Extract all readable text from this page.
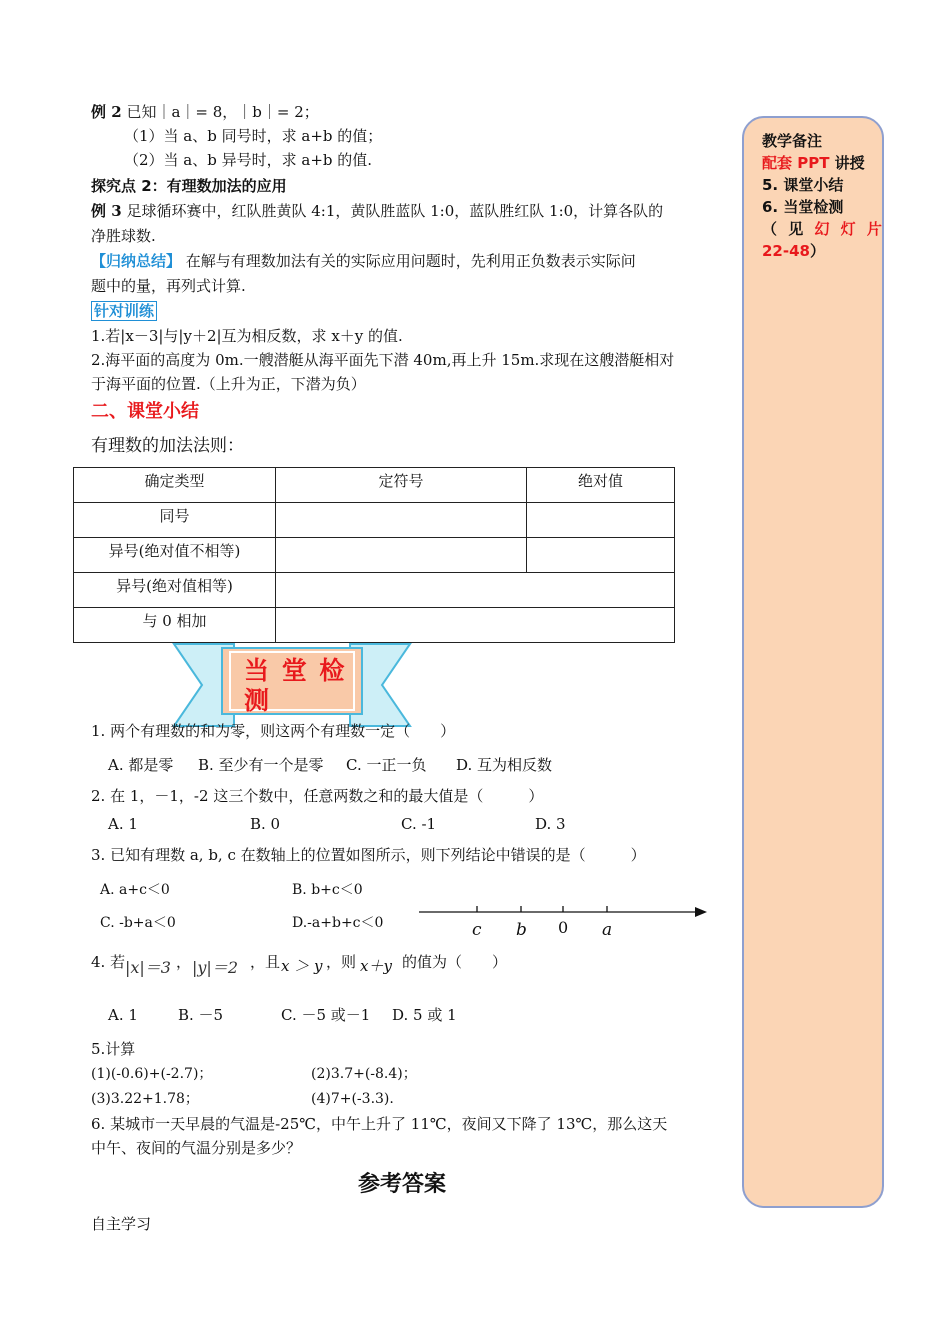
例 2 已知｜a｜= 8，｜b｜= 2；
（1）当 a、b 同号时，求 a+b 的值；
（2）当 a、b 异号时，求 a+b 的值.
探究点 2：有理数加法的应用
例 3 足球循环赛中，红队胜黄队 4:1，黄队胜蓝队 1:0，蓝队胜红队 1:0，计算各队的
净胜球数.
【归纳总结】 在解与有理数加法有关的实际应用问题时，先利用正负数表示实际问
题中的量，再列式计算.
针对训练
1.若|x－3|与|y＋2|互为相反数，求 x＋y 的值.
2.海平面的高度为 0m.一艘潜艇从海平面先下潜 40m,再上升 15m.求现在这艘潜艇相对
于海平面的位置.（上升为正，下潜为负）
二、课堂小结
有理数的加法法则：
确定类型	定符号	绝对值
同号		
异号(绝对值不相等)		
异号(绝对值相等)		
与 0 相加		
当 堂 检
测
1. 两个有理数的和为零，则这两个有理数一定（　　）
A. 都是零 B. 至少有一个是零 C. 一正一负 D. 互为相反数
2. 在 1，－1，-2 这三个数中，任意两数之和的最大值是（　　　）
A. 1	B. 0	C. -1	D. 3
3. 已知有理数 a, b, c 在数轴上的位置如图所示，则下列结论中错误的是（　　　）
A. a+c＜0	B. b+c＜0
C. -b+a＜0	D.-a+b+c＜0	c b 0 a
4. 若 |x|＝3 ， |y|＝2 ，且 x ＞ y ，则 x＋y 的值为（　　）
A. 1	B. －5	C. －5 或－1 D. 5 或 1
5.计算
(1)(-0.6)+(-2.7)；	(2)3.7+(-8.4)；
(3)3.22+1.78；	(4)7+(-3.3).
6. 某城市一天早晨的气温是-25℃，中午上升了 11℃，夜间又下降了 13℃，那么这天
中午、夜间的气温分别是多少？
参考答案
自主学习
教学备注
配套 PPT 讲授
5. 课堂小结
6. 当堂检测
（ 见 幻 灯 片
22-48）
